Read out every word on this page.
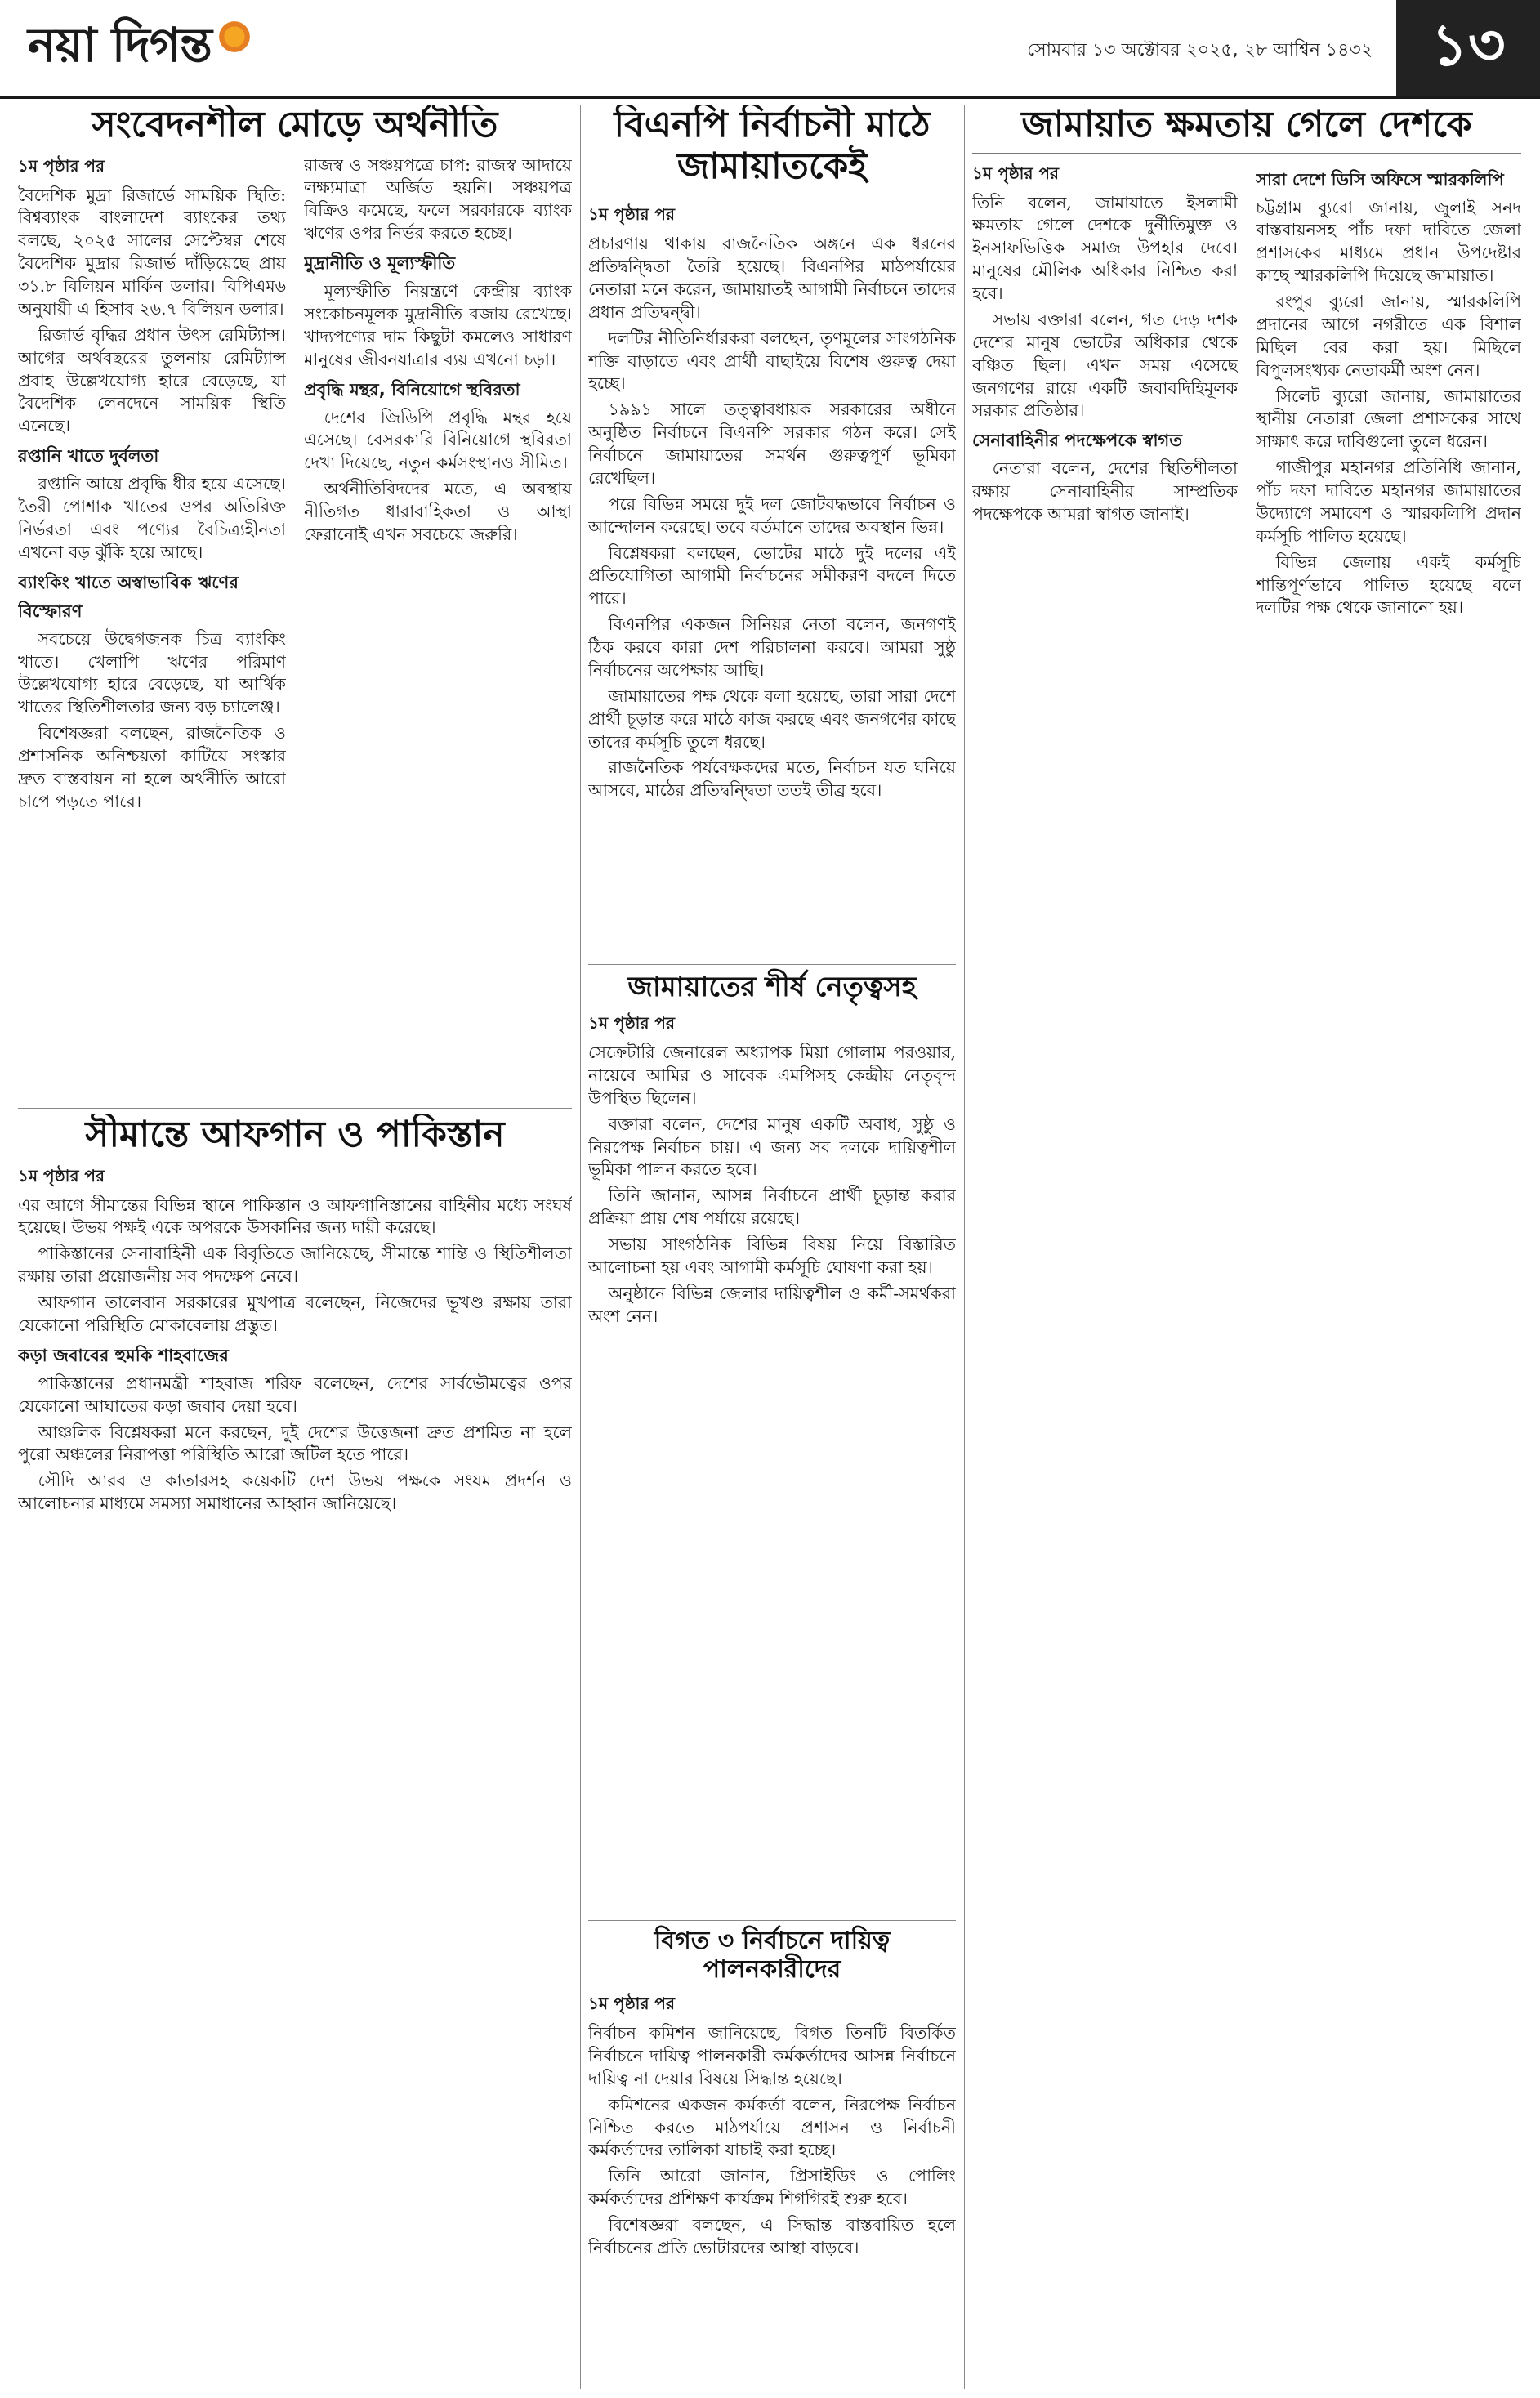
নয়া দিগন্ত	সোমবার ১৩ অক্টোবর ২০২৫, ২৮ আশ্বিন ১৪৩২	১৩
সংবেদনশীল মোড়ে অর্থনীতি

১ম পৃষ্ঠার পর

বৈদেশিক মুদ্রা রিজার্ভে সাময়িক স্থিতি: বিশ্বব্যাংক বাংলাদেশ ব্যাংকের তথ্য বলছে, ২০২৫ সালের সেপ্টেম্বর শেষে বৈদেশিক মুদ্রার রিজার্ভ দাঁড়িয়েছে প্রায় ৩১.৮ বিলিয়ন মার্কিন ডলার। বিপিএম৬ অনুযায়ী এ হিসাব ২৬.৭ বিলিয়ন ডলার।

রিজার্ভ বৃদ্ধির প্রধান উৎস রেমিট্যান্স। আগের অর্থবছরের তুলনায় রেমিট্যান্স প্রবাহ উল্লেখযোগ্য হারে বেড়েছে, যা বৈদেশিক লেনদেনে সাময়িক স্থিতি এনেছে।

রপ্তানি খাতে দুর্বলতা

রপ্তানি আয়ে প্রবৃদ্ধি ধীর হয়ে এসেছে। তৈরী পোশাক খাতের ওপর অতিরিক্ত নির্ভরতা এবং পণ্যের বৈচিত্র্যহীনতা এখনো বড় ঝুঁকি হয়ে আছে।

ব্যাংকিং খাতে অস্বাভাবিক ঋণের বিস্ফোরণ

সবচেয়ে উদ্বেগজনক চিত্র ব্যাংকিং খাতে। খেলাপি ঋণের পরিমাণ উল্লেখযোগ্য হারে বেড়েছে, যা আর্থিক খাতের স্থিতিশীলতার জন্য বড় চ্যালেঞ্জ।

বিশেষজ্ঞরা বলছেন, রাজনৈতিক ও প্রশাসনিক অনিশ্চয়তা কাটিয়ে সংস্কার দ্রুত বাস্তবায়ন না হলে অর্থনীতি আরো চাপে পড়তে পারে।

রাজস্ব ও সঞ্চয়পত্রে চাপ: রাজস্ব আদায়ে লক্ষ্যমাত্রা অর্জিত হয়নি। সঞ্চয়পত্র বিক্রিও কমেছে, ফলে সরকারকে ব্যাংক ঋণের ওপর নির্ভর করতে হচ্ছে।

মুদ্রানীতি ও মূল্যস্ফীতি

মূল্যস্ফীতি নিয়ন্ত্রণে কেন্দ্রীয় ব্যাংক সংকোচনমূলক মুদ্রানীতি বজায় রেখেছে। খাদ্যপণ্যের দাম কিছুটা কমলেও সাধারণ মানুষের জীবনযাত্রার ব্যয় এখনো চড়া।

প্রবৃদ্ধি মন্থর, বিনিয়োগে স্থবিরতা

দেশের জিডিপি প্রবৃদ্ধি মন্থর হয়ে এসেছে। বেসরকারি বিনিয়োগে স্থবিরতা দেখা দিয়েছে, নতুন কর্মসংস্থানও সীমিত।

অর্থনীতিবিদদের মতে, এ অবস্থায় নীতিগত ধারাবাহিকতা ও আস্থা ফেরানোই এখন সবচেয়ে জরুরি।

সীমান্তে আফগান ও পাকিস্তান

১ম পৃষ্ঠার পর

এর আগে সীমান্তের বিভিন্ন স্থানে পাকিস্তান ও আফগানিস্তানের বাহিনীর মধ্যে সংঘর্ষ হয়েছে। উভয় পক্ষই একে অপরকে উসকানির জন্য দায়ী করেছে।

পাকিস্তানের সেনাবাহিনী এক বিবৃতিতে জানিয়েছে, সীমান্তে শান্তি ও স্থিতিশীলতা রক্ষায় তারা প্রয়োজনীয় সব পদক্ষেপ নেবে।

আফগান তালেবান সরকারের মুখপাত্র বলেছেন, নিজেদের ভূখণ্ড রক্ষায় তারা যেকোনো পরিস্থিতি মোকাবেলায় প্রস্তুত।

কড়া জবাবের হুমকি শাহবাজের

পাকিস্তানের প্রধানমন্ত্রী শাহবাজ শরিফ বলেছেন, দেশের সার্বভৌমত্বের ওপর যেকোনো আঘাতের কড়া জবাব দেয়া হবে।

আঞ্চলিক বিশ্লেষকরা মনে করছেন, দুই দেশের উত্তেজনা দ্রুত প্রশমিত না হলে পুরো অঞ্চলের নিরাপত্তা পরিস্থিতি আরো জটিল হতে পারে।

সৌদি আরব ও কাতারসহ কয়েকটি দেশ উভয় পক্ষকে সংযম প্রদর্শন ও আলোচনার মাধ্যমে সমস্যা সমাধানের আহ্বান জানিয়েছে।

বিএনপি নির্বাচনী মাঠে জামায়াতকেই

১ম পৃষ্ঠার পর

প্রচারণায় থাকায় রাজনৈতিক অঙ্গনে এক ধরনের প্রতিদ্বন্দ্বিতা তৈরি হয়েছে। বিএনপির মাঠপর্যায়ের নেতারা মনে করেন, জামায়াতই আগামী নির্বাচনে তাদের প্রধান প্রতিদ্বন্দ্বী।

দলটির নীতিনির্ধারকরা বলছেন, তৃণমূলের সাংগঠনিক শক্তি বাড়াতে এবং প্রার্থী বাছাইয়ে বিশেষ গুরুত্ব দেয়া হচ্ছে।

১৯৯১ সালে তত্ত্বাবধায়ক সরকারের অধীনে অনুষ্ঠিত নির্বাচনে বিএনপি সরকার গঠন করে। সেই নির্বাচনে জামায়াতের সমর্থন গুরুত্বপূর্ণ ভূমিকা রেখেছিল।

পরে বিভিন্ন সময়ে দুই দল জোটবদ্ধভাবে নির্বাচন ও আন্দোলন করেছে। তবে বর্তমানে তাদের অবস্থান ভিন্ন।

বিশ্লেষকরা বলছেন, ভোটের মাঠে দুই দলের এই প্রতিযোগিতা আগামী নির্বাচনের সমীকরণ বদলে দিতে পারে।

বিএনপির একজন সিনিয়র নেতা বলেন, জনগণই ঠিক করবে কারা দেশ পরিচালনা করবে। আমরা সুষ্ঠু নির্বাচনের অপেক্ষায় আছি।

জামায়াতের পক্ষ থেকে বলা হয়েছে, তারা সারা দেশে প্রার্থী চূড়ান্ত করে মাঠে কাজ করছে এবং জনগণের কাছে তাদের কর্মসূচি তুলে ধরছে।

রাজনৈতিক পর্যবেক্ষকদের মতে, নির্বাচন যত ঘনিয়ে আসবে, মাঠের প্রতিদ্বন্দ্বিতা ততই তীব্র হবে।

জামায়াতের শীর্ষ নেতৃত্বসহ

১ম পৃষ্ঠার পর

সেক্রেটারি জেনারেল অধ্যাপক মিয়া গোলাম পরওয়ার, নায়েবে আমির ও সাবেক এমপিসহ কেন্দ্রীয় নেতৃবৃন্দ উপস্থিত ছিলেন।

বক্তারা বলেন, দেশের মানুষ একটি অবাধ, সুষ্ঠু ও নিরপেক্ষ নির্বাচন চায়। এ জন্য সব দলকে দায়িত্বশীল ভূমিকা পালন করতে হবে।

তিনি জানান, আসন্ন নির্বাচনে প্রার্থী চূড়ান্ত করার প্রক্রিয়া প্রায় শেষ পর্যায়ে রয়েছে।

সভায় সাংগঠনিক বিভিন্ন বিষয় নিয়ে বিস্তারিত আলোচনা হয় এবং আগামী কর্মসূচি ঘোষণা করা হয়।

অনুষ্ঠানে বিভিন্ন জেলার দায়িত্বশীল ও কর্মী-সমর্থকরা অংশ নেন।

বিগত ৩ নির্বাচনে দায়িত্ব পালনকারীদের

১ম পৃষ্ঠার পর

নির্বাচন কমিশন জানিয়েছে, বিগত তিনটি বিতর্কিত নির্বাচনে দায়িত্ব পালনকারী কর্মকর্তাদের আসন্ন নির্বাচনে দায়িত্ব না দেয়ার বিষয়ে সিদ্ধান্ত হয়েছে।

কমিশনের একজন কর্মকর্তা বলেন, নিরপেক্ষ নির্বাচন নিশ্চিত করতে মাঠপর্যায়ে প্রশাসন ও নির্বাচনী কর্মকর্তাদের তালিকা যাচাই করা হচ্ছে।

তিনি আরো জানান, প্রিসাইডিং ও পোলিং কর্মকর্তাদের প্রশিক্ষণ কার্যক্রম শিগগিরই শুরু হবে।

বিশেষজ্ঞরা বলছেন, এ সিদ্ধান্ত বাস্তবায়িত হলে নির্বাচনের প্রতি ভোটারদের আস্থা বাড়বে।

জামায়াত ক্ষমতায় গেলে দেশকে

১ম পৃষ্ঠার পর

তিনি বলেন, জামায়াতে ইসলামী ক্ষমতায় গেলে দেশকে দুর্নীতিমুক্ত ও ইনসাফভিত্তিক সমাজ উপহার দেবে। মানুষের মৌলিক অধিকার নিশ্চিত করা হবে।

সভায় বক্তারা বলেন, গত দেড় দশক দেশের মানুষ ভোটের অধিকার থেকে বঞ্চিত ছিল। এখন সময় এসেছে জনগণের রায়ে একটি জবাবদিহিমূলক সরকার প্রতিষ্ঠার।

সেনাবাহিনীর পদক্ষেপকে স্বাগত

নেতারা বলেন, দেশের স্থিতিশীলতা রক্ষায় সেনাবাহিনীর সাম্প্রতিক পদক্ষেপকে আমরা স্বাগত জানাই।

সারা দেশে ডিসি অফিসে স্মারকলিপি

চট্টগ্রাম ব্যুরো জানায়, জুলাই সনদ বাস্তবায়নসহ পাঁচ দফা দাবিতে জেলা প্রশাসকের মাধ্যমে প্রধান উপদেষ্টার কাছে স্মারকলিপি দিয়েছে জামায়াত।

রংপুর ব্যুরো জানায়, স্মারকলিপি প্রদানের আগে নগরীতে এক বিশাল মিছিল বের করা হয়। মিছিলে বিপুলসংখ্যক নেতাকর্মী অংশ নেন।

সিলেট ব্যুরো জানায়, জামায়াতের স্থানীয় নেতারা জেলা প্রশাসকের সাথে সাক্ষাৎ করে দাবিগুলো তুলে ধরেন।

গাজীপুর মহানগর প্রতিনিধি জানান, পাঁচ দফা দাবিতে মহানগর জামায়াতের উদ্যোগে সমাবেশ ও স্মারকলিপি প্রদান কর্মসূচি পালিত হয়েছে।

বিভিন্ন জেলায় একই কর্মসূচি শান্তিপূর্ণভাবে পালিত হয়েছে বলে দলটির পক্ষ থেকে জানানো হয়।
